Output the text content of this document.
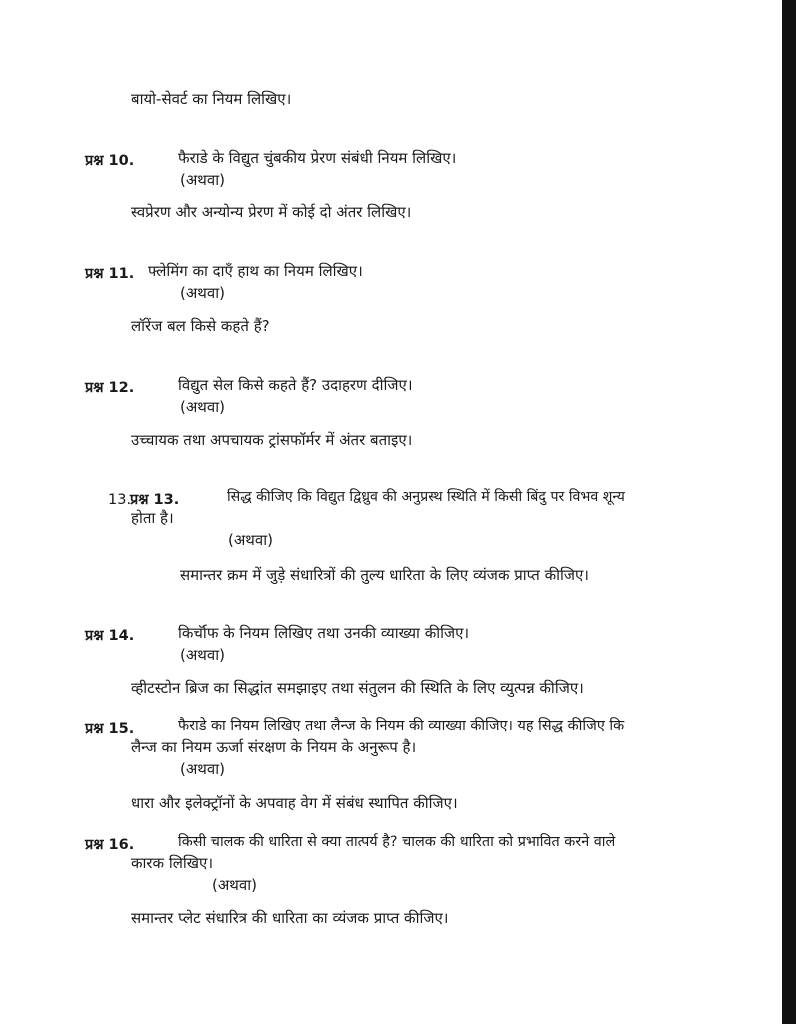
बायो-सेवर्ट का नियम लिखिए।
प्रश्न 10.	फैराडे के विद्युत चुंबकीय प्रेरण संबंधी नियम लिखिए।
(अथवा)
स्वप्रेरण और अन्योन्य प्रेरण में कोई दो अंतर लिखिए।
प्रश्न 11. फ्लेमिंग का दाएँ हाथ का नियम लिखिए।
(अथवा)
लॉरेंज बल किसे कहते हैं?
प्रश्न 12.	विद्युत सेल किसे कहते हैं? उदाहरण दीजिए।
(अथवा)
उच्चायक तथा अपचायक ट्रांसफॉर्मर में अंतर बताइए।
13.
प्रश्न 13.	सिद्ध कीजिए कि विद्युत द्विध्रुव की अनुप्रस्थ स्थिति में किसी बिंदु पर विभव शून्य
होता है।
(अथवा)
समान्तर क्रम में जुड़े संधारित्रों की तुल्य धारिता के लिए व्यंजक प्राप्त कीजिए।
प्रश्न 14.	किर्चॉफ के नियम लिखिए तथा उनकी व्याख्या कीजिए।
(अथवा)
व्हीटस्टोन ब्रिज का सिद्धांत समझाइए तथा संतुलन की स्थिति के लिए व्युत्पन्न कीजिए।
प्रश्न 15.	फैराडे का नियम लिखिए तथा लैन्ज के नियम की व्याख्या कीजिए। यह सिद्ध कीजिए कि
लैन्ज का नियम ऊर्जा संरक्षण के नियम के अनुरूप है।
(अथवा)
धारा और इलेक्ट्रॉनों के अपवाह वेग में संबंध स्थापित कीजिए।
प्रश्न 16.	किसी चालक की धारिता से क्या तात्पर्य है? चालक की धारिता को प्रभावित करने वाले
कारक लिखिए।
(अथवा)
समान्तर प्लेट संधारित्र की धारिता का व्यंजक प्राप्त कीजिए।
